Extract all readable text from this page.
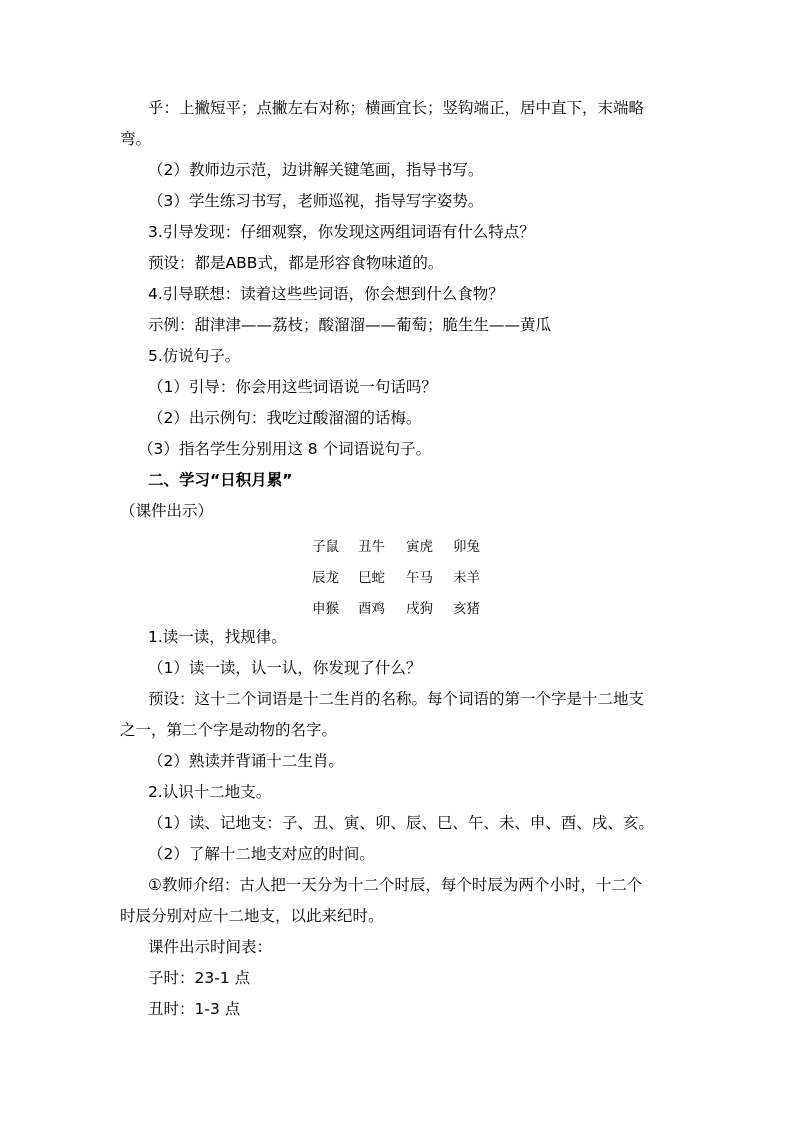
乎：上撇短平；点撇左右对称；横画宜长；竖钩端正，居中直下，末端略
弯。
（2）教师边示范，边讲解关键笔画，指导书写。
（3）学生练习书写，老师巡视，指导写字姿势。
3.引导发现：仔细观察，你发现这两组词语有什么特点？
预设：都是ABB式，都是形容食物味道的。
4.引导联想：读着这些些词语，你会想到什么食物？
示例：甜津津——荔枝；酸溜溜——葡萄；脆生生——黄瓜
5.仿说句子。
（1）引导：你会用这些词语说一句话吗？
（2）出示例句：我吃过酸溜溜的话梅。
（3）指名学生分别用这 8 个词语说句子。
二、学习“日积月累”
（课件出示）
子鼠	丑牛	寅虎	卯兔
辰龙	巳蛇	午马	未羊
申猴	酉鸡	戌狗	亥猪
1.读一读，找规律。
（1）读一读，认一认，你发现了什么？
预设：这十二个词语是十二生肖的名称。每个词语的第一个字是十二地支
之一，第二个字是动物的名字。
（2）熟读并背诵十二生肖。
2.认识十二地支。
（1）读、记地支：子、丑、寅、卯、辰、巳、午、未、申、酉、戌、亥。
（2）了解十二地支对应的时间。
①教师介绍：古人把一天分为十二个时辰，每个时辰为两个小时，十二个
时辰分别对应十二地支，以此来纪时。
课件出示时间表：
子时：23-1 点
丑时：1-3 点
